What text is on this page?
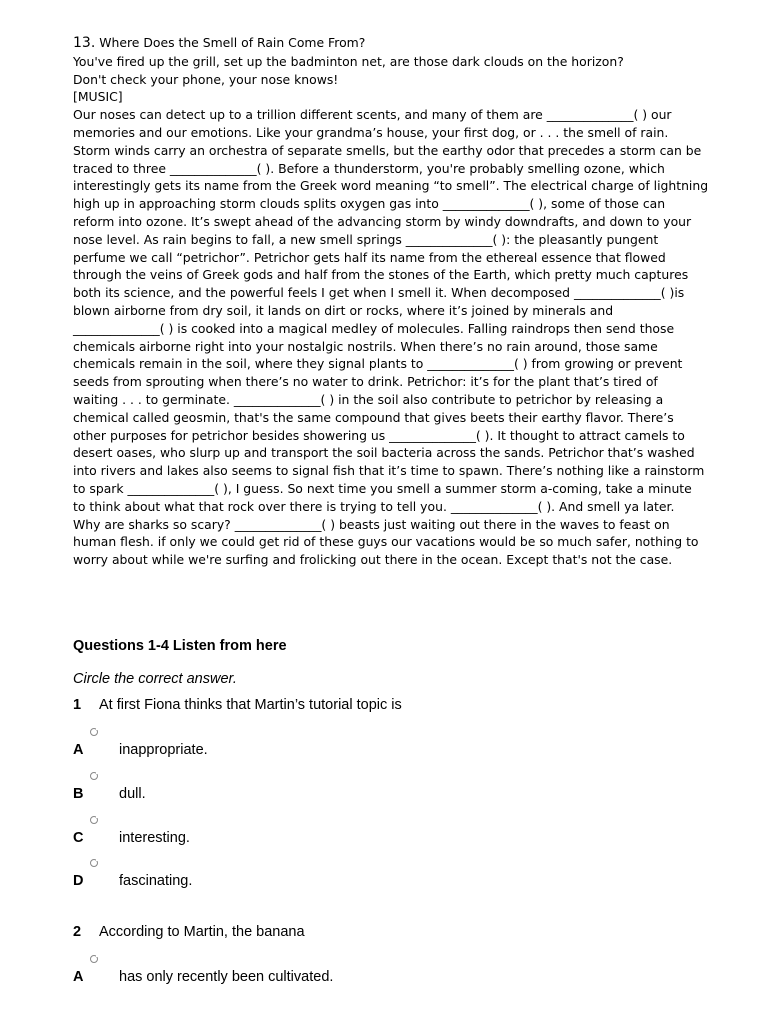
13. Where Does the Smell of Rain Come From?

You've fired up the grill, set up the badminton net, are those dark clouds on the horizon?

Don't check your phone, your nose knows!

[MUSIC]

Our noses can detect up to a trillion different scents, and many of them are ______________( ) our

memories and our emotions. Like your grandma’s house, your first dog, or . . . the smell of rain.

Storm winds carry an orchestra of separate smells, but the earthy odor that precedes a storm can be

traced to three ______________( ). Before a thunderstorm, you're probably smelling ozone, which

interestingly gets its name from the Greek word meaning “to smell”. The electrical charge of lightning

high up in approaching storm clouds splits oxygen gas into ______________( ), some of those can

reform into ozone. It’s swept ahead of the advancing storm by windy downdrafts, and down to your

nose level. As rain begins to fall, a new smell springs ______________( ): the pleasantly pungent

perfume we call “petrichor”. Petrichor gets half its name from the ethereal essence that flowed

through the veins of Greek gods and half from the stones of the Earth, which pretty much captures

both its science, and the powerful feels I get when I smell it. When decomposed ______________( )is

blown airborne from dry soil, it lands on dirt or rocks, where it’s joined by minerals and

______________( ) is cooked into a magical medley of molecules. Falling raindrops then send those

chemicals airborne right into your nostalgic nostrils. When there’s no rain around, those same

chemicals remain in the soil, where they signal plants to ______________( ) from growing or prevent

seeds from sprouting when there’s no water to drink. Petrichor: it’s for the plant that’s tired of

waiting . . . to germinate. ______________( ) in the soil also contribute to petrichor by releasing a

chemical called geosmin, that's the same compound that gives beets their earthy flavor. There’s

other purposes for petrichor besides showering us ______________( ). It thought to attract camels to

desert oases, who slurp up and transport the soil bacteria across the sands. Petrichor that’s washed

into rivers and lakes also seems to signal fish that it’s time to spawn. There’s nothing like a rainstorm

to spark ______________( ), I guess. So next time you smell a summer storm a-coming, take a minute

to think about what that rock over there is trying to tell you. ______________( ). And smell ya later.

Why are sharks so scary? ______________( ) beasts just waiting out there in the waves to feast on

human flesh. if only we could get rid of these guys our vacations would be so much safer, nothing to

worry about while we're surfing and frolicking out there in the ocean. Except that's not the case.

Questions 1-4 Listen from here

Circle the correct answer.

1 At first Fiona thinks that Martin’s tutorial topic is
A inappropriate.
B dull.
C interesting.
D fascinating.
2 According to Martin, the banana
A has only recently been cultivated.
